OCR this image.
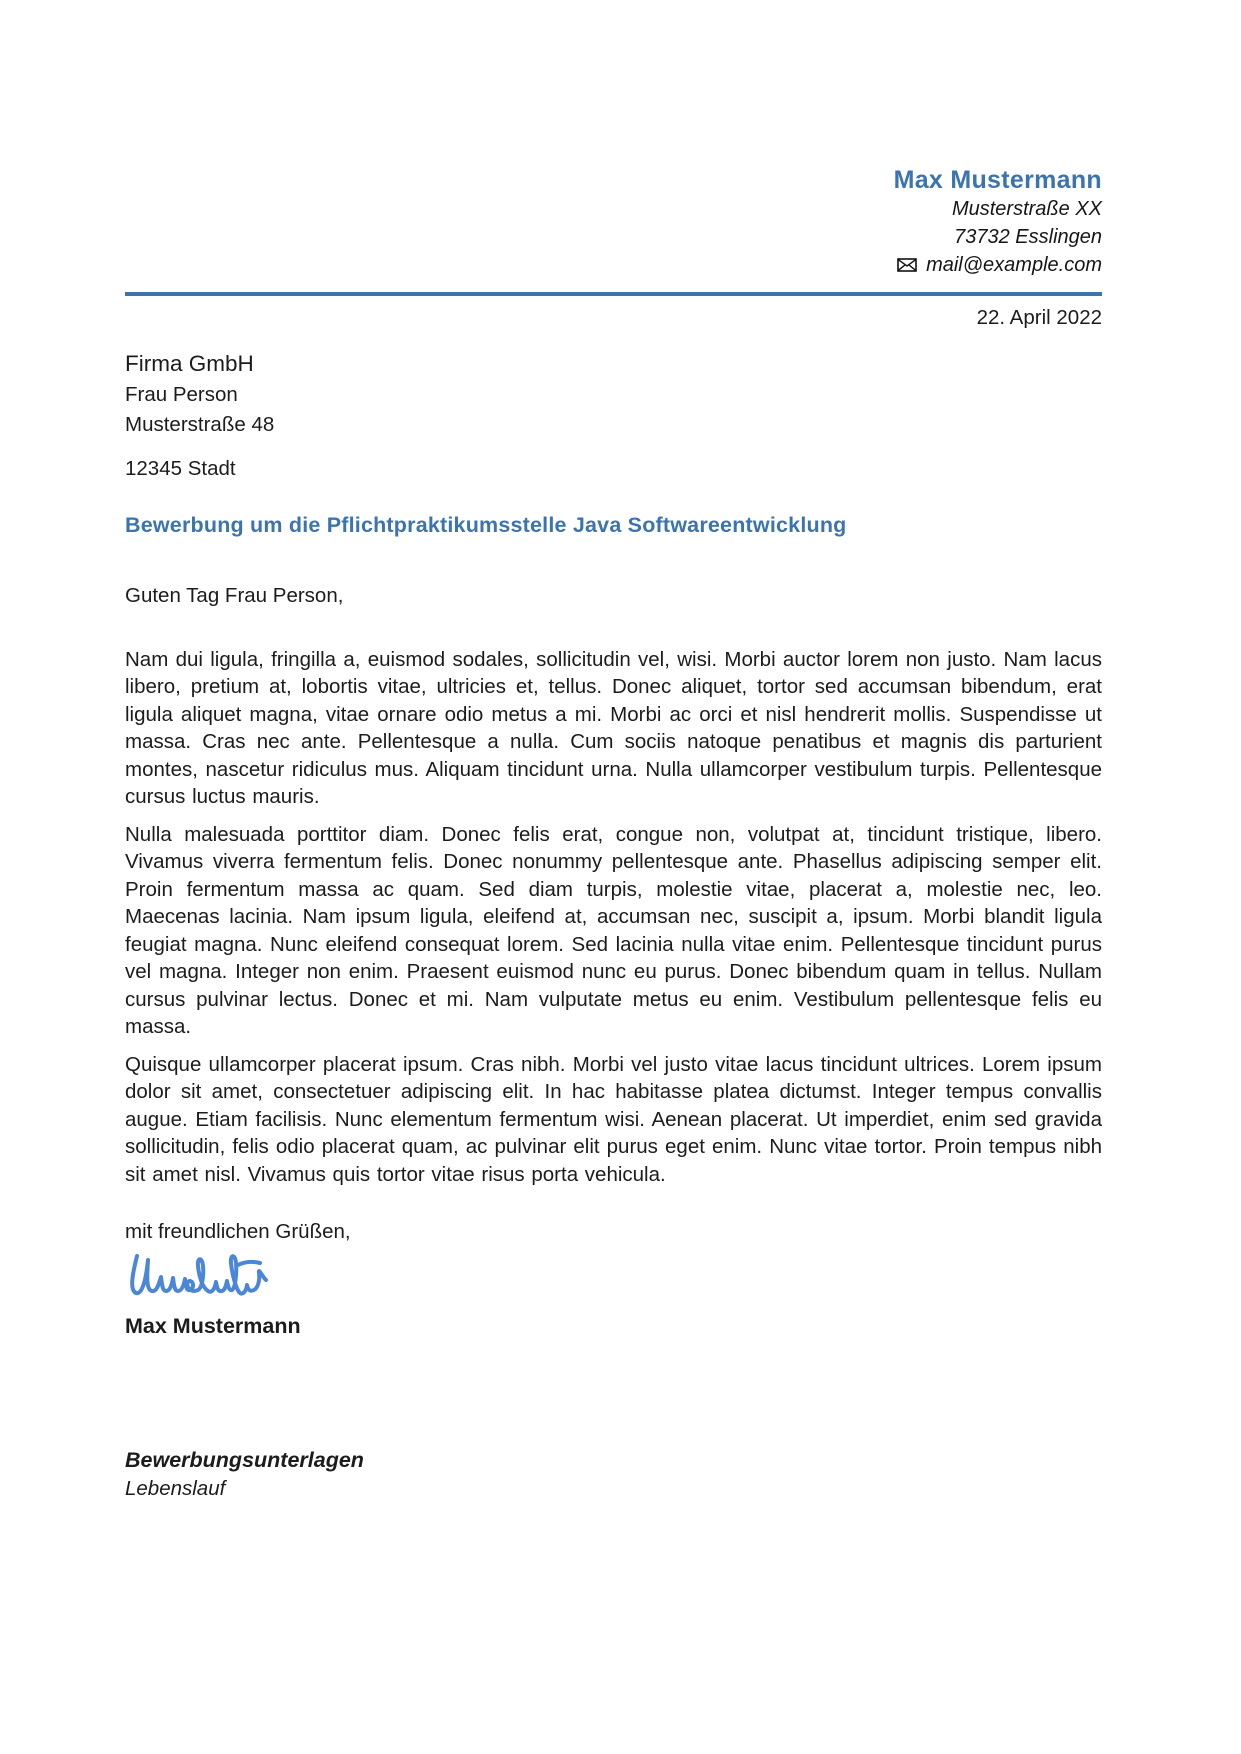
Max Mustermann
Musterstraße XX
73732 Esslingen
mail@example.com
22. April 2022
Firma GmbH
Frau Person
Musterstraße 48
12345 Stadt
Bewerbung um die Pflichtpraktikumsstelle Java Softwareentwicklung

Guten Tag Frau Person,

Nam dui ligula, fringilla a, euismod sodales, sollicitudin vel, wisi. Morbi auctor lorem non justo. Nam lacus libero, pretium at, lobortis vitae, ultricies et, tellus. Donec aliquet, tortor sed accumsan bibendum, erat ligula aliquet magna, vitae ornare odio metus a mi. Morbi ac orci et nisl hendrerit mollis. Suspendisse ut massa. Cras nec ante. Pellentesque a nulla. Cum sociis natoque penatibus et magnis dis parturient montes, nascetur ridiculus mus. Aliquam tincidunt urna. Nulla ullamcorper vestibulum turpis. Pellentesque cursus luctus mauris.

Nulla malesuada porttitor diam. Donec felis erat, congue non, volutpat at, tincidunt tristique, libero. Vivamus viverra fermentum felis. Donec nonummy pellentesque ante. Phasellus adipiscing semper elit. Proin fermentum massa ac quam. Sed diam turpis, molestie vitae, placerat a, molestie nec, leo. Maecenas lacinia. Nam ipsum ligula, eleifend at, accumsan nec, suscipit a, ipsum. Morbi blandit ligula feugiat magna. Nunc eleifend consequat lorem. Sed lacinia nulla vitae enim. Pellentesque tincidunt purus vel magna. Integer non enim. Praesent euismod nunc eu purus. Donec bibendum quam in tellus. Nullam cursus pulvinar lectus. Donec et mi. Nam vulputate metus eu enim. Vestibulum pellentesque felis eu massa.

Quisque ullamcorper placerat ipsum. Cras nibh. Morbi vel justo vitae lacus tincidunt ultrices. Lorem ipsum dolor sit amet, consectetuer adipiscing elit. In hac habitasse platea dictumst. Integer tempus convallis augue. Etiam facilisis. Nunc elementum fermentum wisi. Aenean placerat. Ut imperdiet, enim sed gravida sollicitudin, felis odio placerat quam, ac pulvinar elit purus eget enim. Nunc vitae tortor. Proin tempus nibh sit amet nisl. Vivamus quis tortor vitae risus porta vehicula.

mit freundlichen Grüßen,

Max Mustermann
Bewerbungsunterlagen
Lebenslauf
